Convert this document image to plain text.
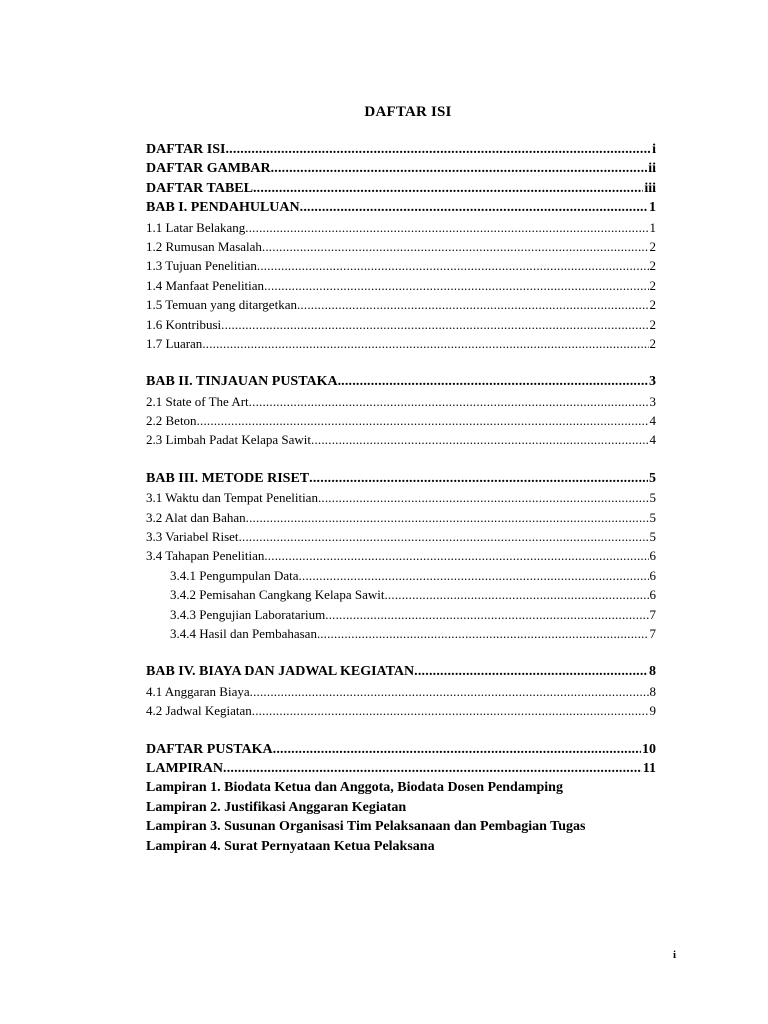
DAFTAR ISI
DAFTAR ISI .....	i
DAFTAR GAMBAR .....	ii
DAFTAR TABEL .....	iii
BAB I. PENDAHULUAN .....	1
1.1 Latar Belakang .....	1
1.2 Rumusan Masalah .....	2
1.3 Tujuan Penelitian .....	2
1.4 Manfaat Penelitian .....	2
1.5 Temuan yang ditargetkan .....	2
1.6 Kontribusi .....	2
1.7 Luaran .....	2
BAB II. TINJAUAN PUSTAKA. .....	3
2.1 State of The Art .....	3
2.2 Beton .....	4
2.3 Limbah Padat Kelapa Sawit .....	4
BAB III. METODE RISET .....	5
3.1 Waktu dan Tempat Penelitian .....	5
3.2 Alat dan Bahan .....	5
3.3 Variabel Riset .....	5
3.4 Tahapan Penelitian .....	6
3.4.1 Pengumpulan Data .....	6
3.4.2 Pemisahan Cangkang Kelapa Sawit .....	6
3.4.3 Pengujian Laboratarium .....	7
3.4.4 Hasil dan Pembahasan. .....	7
BAB IV. BIAYA DAN JADWAL KEGIATAN .....	8
4.1 Anggaran Biaya .....	8
4.2 Jadwal Kegiatan .....	9
DAFTAR PUSTAKA .....	10
LAMPIRAN .....	11
Lampiran 1. Biodata Ketua dan Anggota, Biodata Dosen Pendamping
Lampiran 2. Justifikasi Anggaran Kegiatan
Lampiran 3. Susunan Organisasi Tim Pelaksanaan dan Pembagian Tugas
Lampiran 4. Surat Pernyataan Ketua Pelaksana
i
